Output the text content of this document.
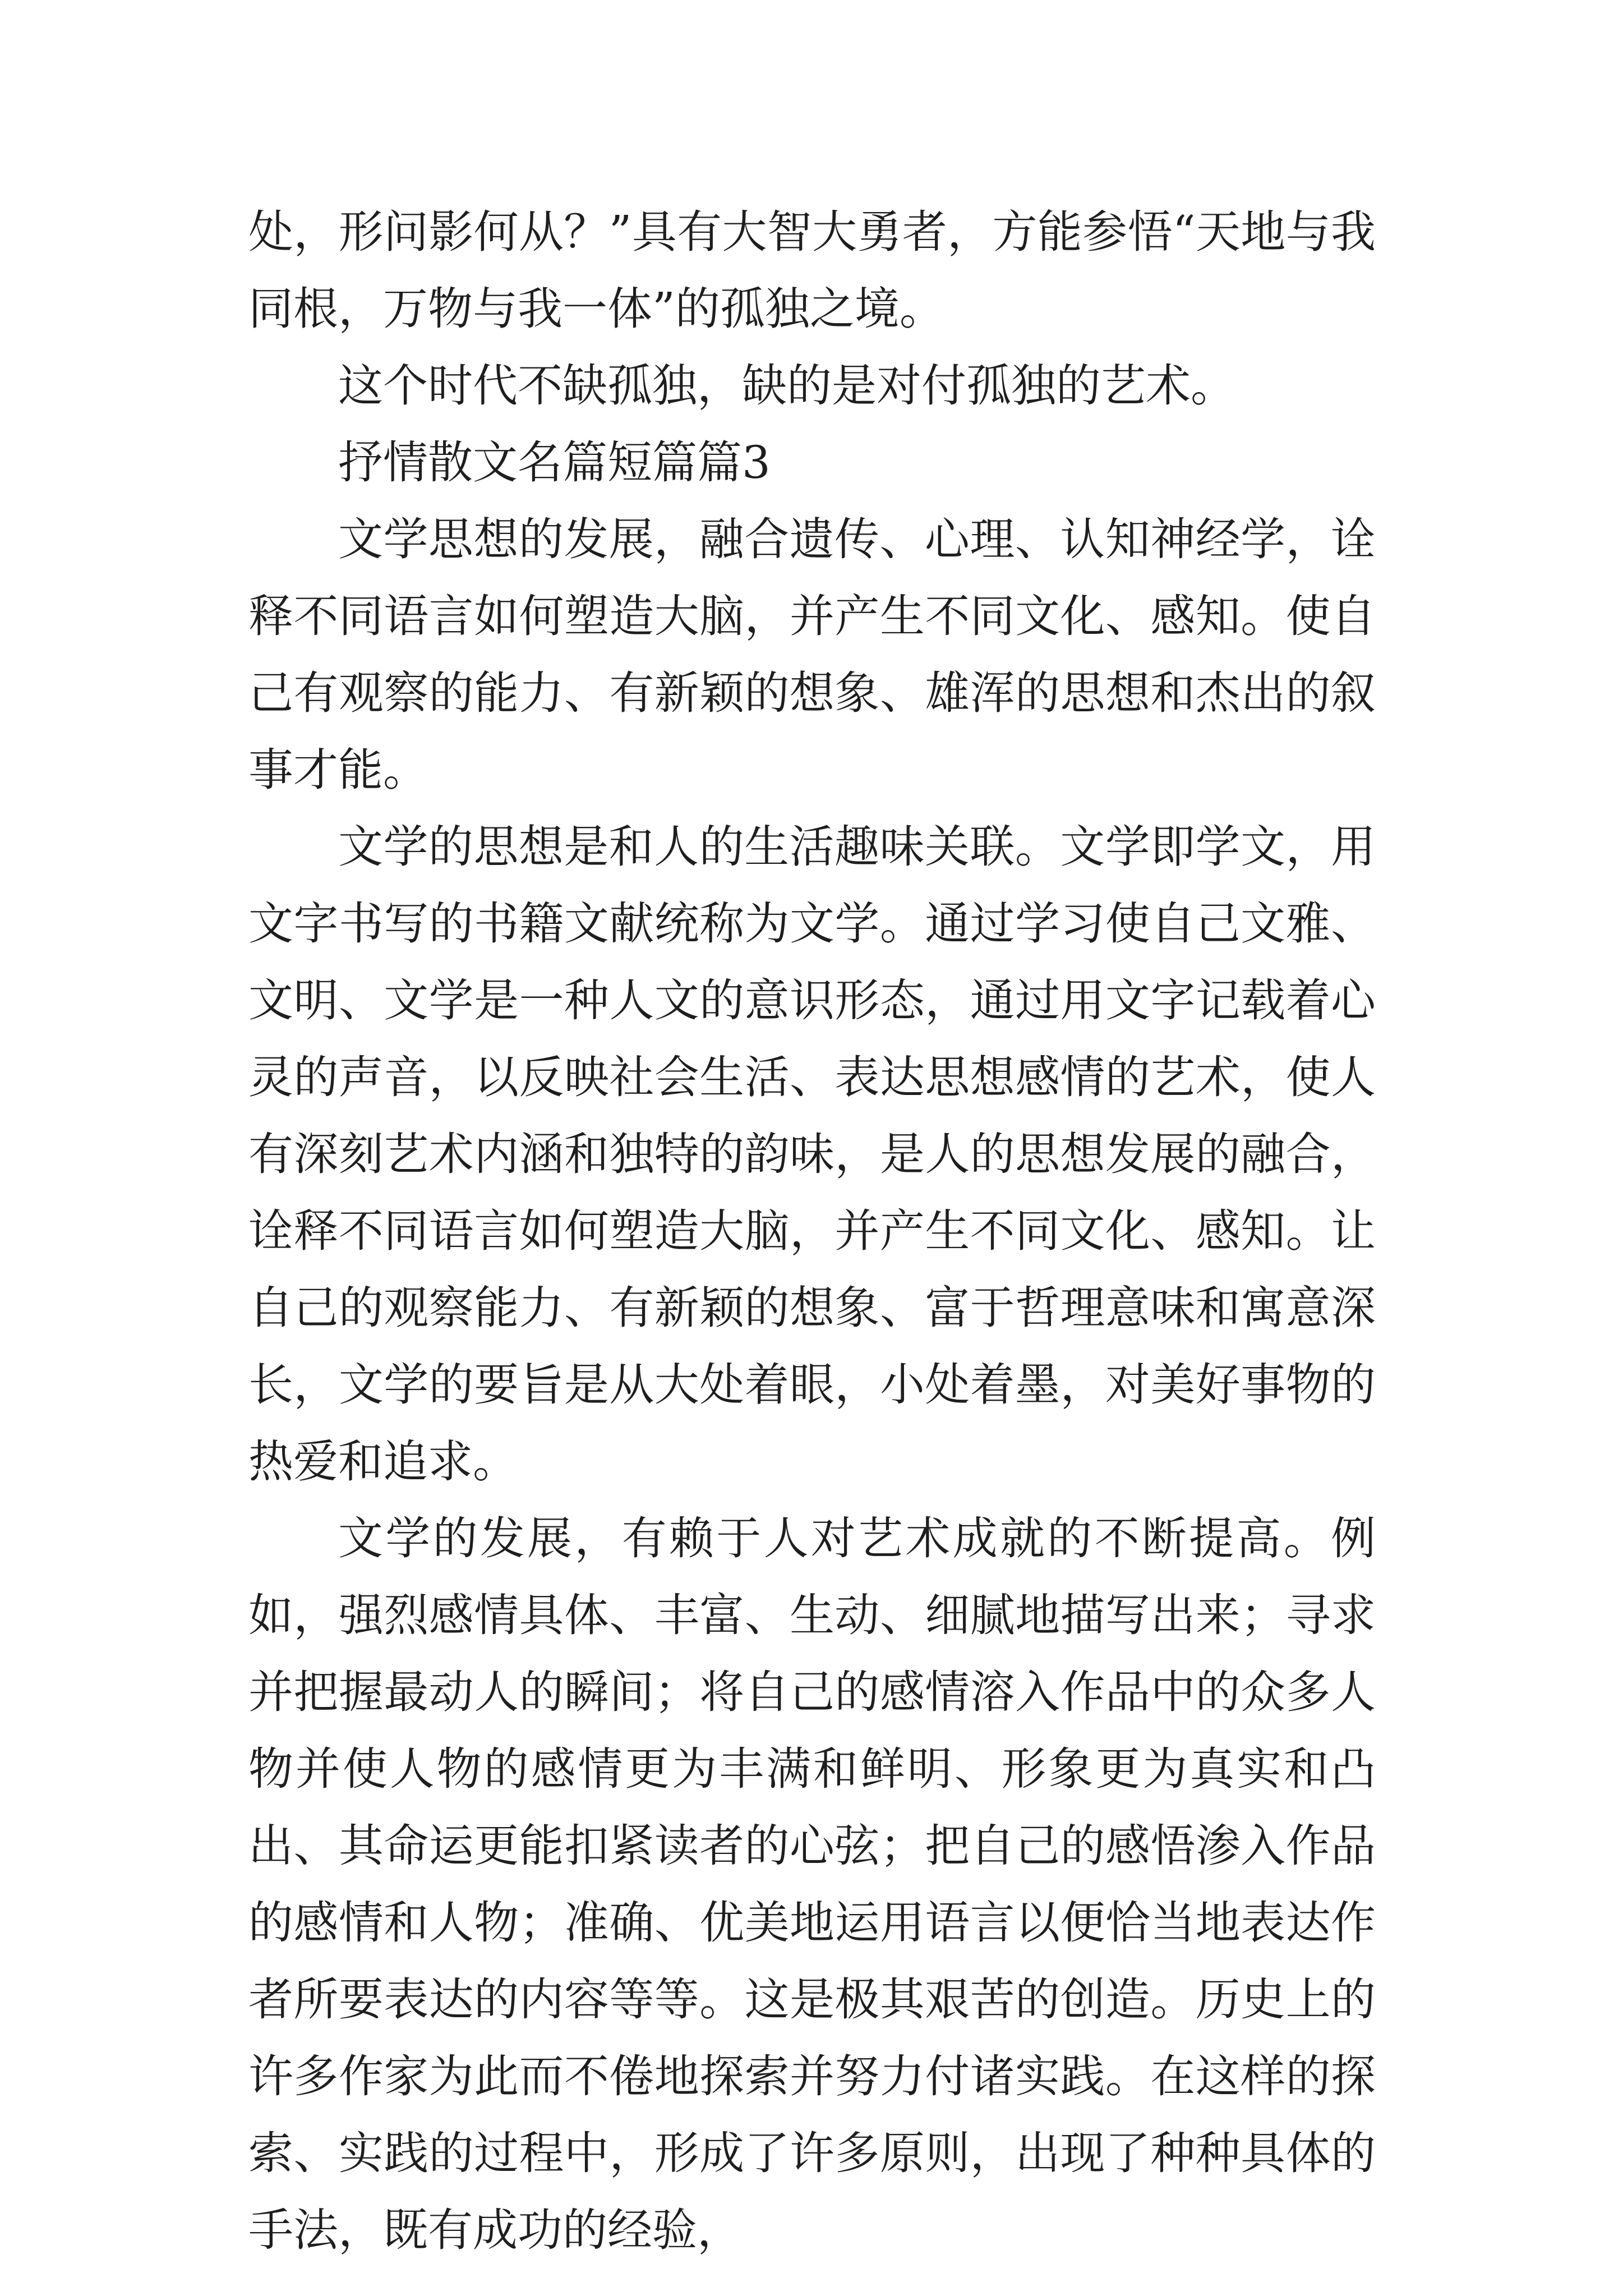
处，形问影何从？”具有大智大勇者，方能参悟“天地与我同根，万物与我一体”的孤独之境。

这个时代不缺孤独，缺的是对付孤独的艺术。

抒情散文名篇短篇篇3

文学思想的发展，融合遗传、心理、认知神经学，诠释不同语言如何塑造大脑，并产生不同文化、感知。使自己有观察的能力、有新颖的想象、雄浑的思想和杰出的叙事才能。

文学的思想是和人的生活趣味关联。文学即学文，用文字书写的书籍文献统称为文学。通过学习使自己文雅、文明、文学是一种人文的意识形态，通过用文字记载着心灵的声音，以反映社会生活、表达思想感情的艺术，使人有深刻艺术内涵和独特的韵味，是人的思想发展的融合，诠释不同语言如何塑造大脑，并产生不同文化、感知。让自己的观察能力、有新颖的想象、富于哲理意味和寓意深长，文学的要旨是从大处着眼，小处着墨，对美好事物的热爱和追求。

文学的发展，有赖于人对艺术成就的不断提高。例如，强烈感情具体、丰富、生动、细腻地描写出来；寻求并把握最动人的瞬间；将自己的感情溶入作品中的众多人物并使人物的感情更为丰满和鲜明、形象更为真实和凸出、其命运更能扣紧读者的心弦；把自己的感悟渗入作品的感情和人物；准确、优美地运用语言以便恰当地表达作者所要表达的内容等等。这是极其艰苦的创造。历史上的许多作家为此而不倦地探索并努力付诸实践。在这样的探索、实践的过程中，形成了许多原则，出现了种种具体的手法，既有成功的经验，
